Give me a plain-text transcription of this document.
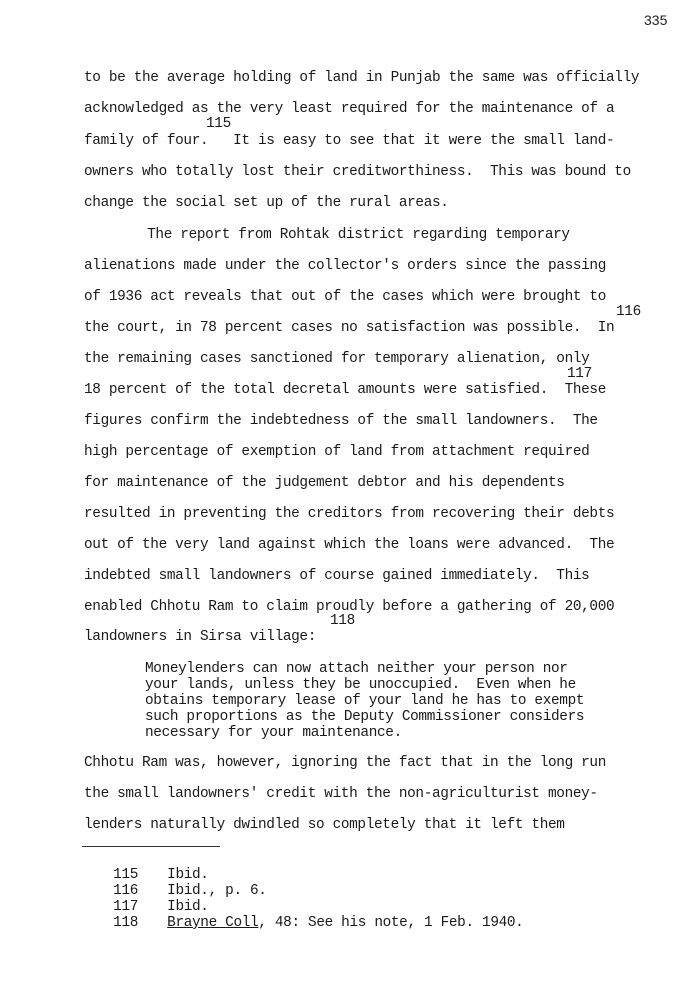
335
to be the average holding of land in Punjab the same was officially
acknowledged as the very least required for the maintenance of a
115
family of four.   It is easy to see that it were the small land-
owners who totally lost their creditworthiness.  This was bound to
change the social set up of the rural areas.
The report from Rohtak district regarding temporary
alienations made under the collector's orders since the passing
of 1936 act reveals that out of the cases which were brought to
116
the court, in 78 percent cases no satisfaction was possible.  In
the remaining cases sanctioned for temporary alienation, only
117
18 percent of the total decretal amounts were satisfied.  These
figures confirm the indebtedness of the small landowners.  The
high percentage of exemption of land from attachment required
for maintenance of the judgement debtor and his dependents
resulted in preventing the creditors from recovering their debts
out of the very land against which the loans were advanced.  The
indebted small landowners of course gained immediately.  This
enabled Chhotu Ram to claim proudly before a gathering of 20,000
118
landowners in Sirsa village:
Moneylenders can now attach neither your person nor
your lands, unless they be unoccupied.  Even when he
obtains temporary lease of your land he has to exempt
such proportions as the Deputy Commissioner considers
necessary for your maintenance.
Chhotu Ram was, however, ignoring the fact that in the long run
the small landowners' credit with the non-agriculturist money-
lenders naturally dwindled so completely that it left them

115 Ibid.

116 Ibid., p. 6.

117 Ibid.

118 Brayne Coll, 48: See his note, 1 Feb. 1940.
